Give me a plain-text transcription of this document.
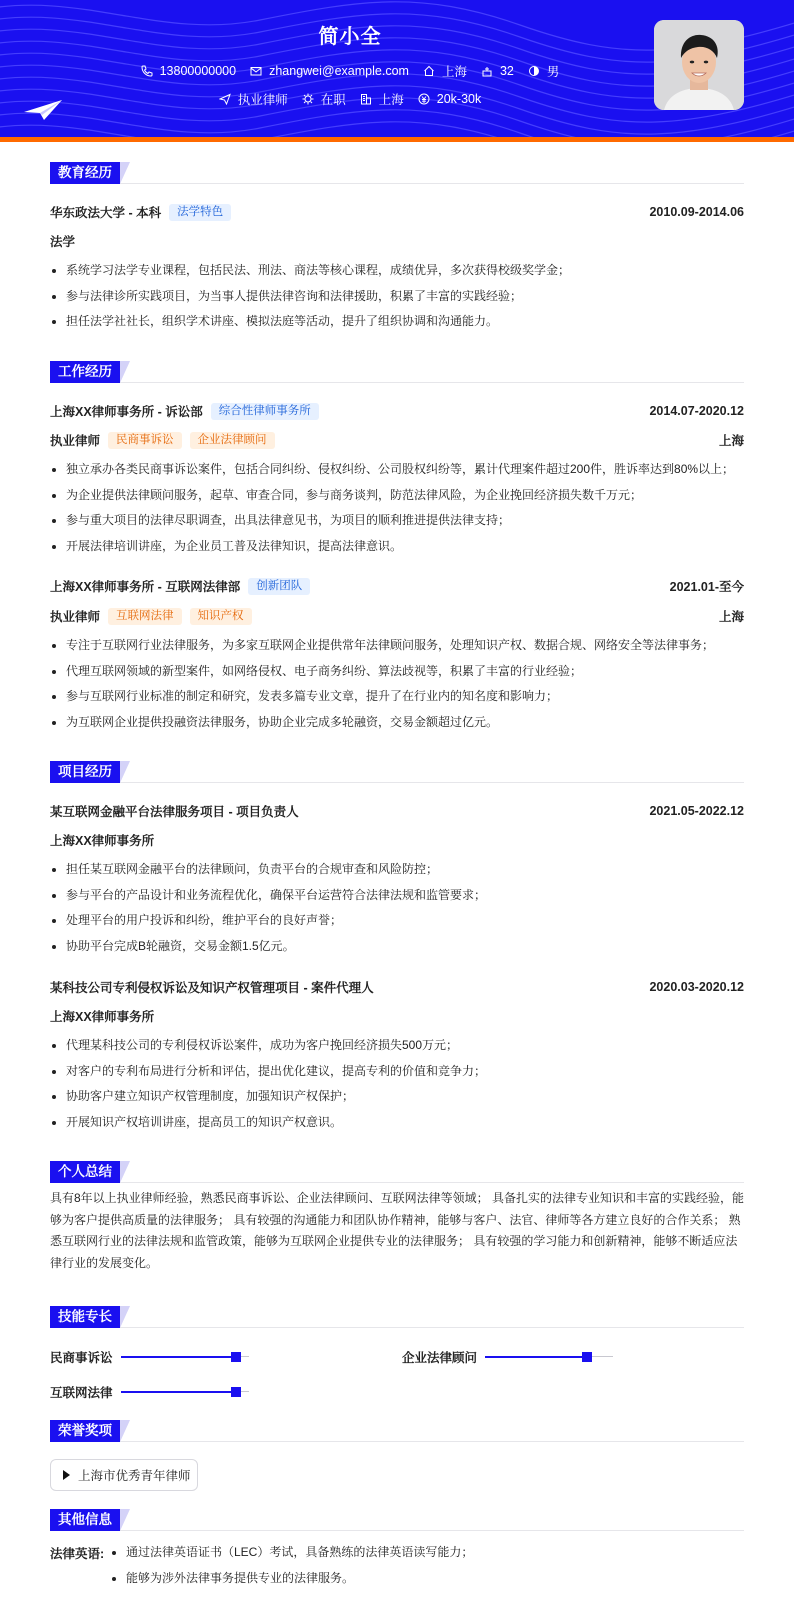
简小全
13800000000	zhangwei@example.com	上海	32	男
执业律师	在职	上海	20k-30k
教育经历
华东政法大学 - 本科	法学特色	2010.09-2014.06
法学
系统学习法学专业课程，包括民法、刑法、商法等核心课程，成绩优异，多次获得校级奖学金；
参与法律诊所实践项目，为当事人提供法律咨询和法律援助，积累了丰富的实践经验；
担任法学社社长，组织学术讲座、模拟法庭等活动，提升了组织协调和沟通能力。
工作经历
上海XX律师事务所 - 诉讼部	综合性律师事务所	2014.07-2020.12
执业律师	民商事诉讼	企业法律顾问	上海
独立承办各类民商事诉讼案件，包括合同纠纷、侵权纠纷、公司股权纠纷等，累计代理案件超过200件，胜诉率达到80%以上；
为企业提供法律顾问服务，起草、审查合同，参与商务谈判，防范法律风险，为企业挽回经济损失数千万元；
参与重大项目的法律尽职调查，出具法律意见书，为项目的顺利推进提供法律支持；
开展法律培训讲座，为企业员工普及法律知识，提高法律意识。
上海XX律师事务所 - 互联网法律部	创新团队	2021.01-至今
执业律师	互联网法律	知识产权	上海
专注于互联网行业法律服务，为多家互联网企业提供常年法律顾问服务，处理知识产权、数据合规、网络安全等法律事务；
代理互联网领域的新型案件，如网络侵权、电子商务纠纷、算法歧视等，积累了丰富的行业经验；
参与互联网行业标准的制定和研究，发表多篇专业文章，提升了在行业内的知名度和影响力；
为互联网企业提供投融资法律服务，协助企业完成多轮融资，交易金额超过亿元。
项目经历
某互联网金融平台法律服务项目 - 项目负责人	2021.05-2022.12
上海XX律师事务所
担任某互联网金融平台的法律顾问，负责平台的合规审查和风险防控；
参与平台的产品设计和业务流程优化，确保平台运营符合法律法规和监管要求；
处理平台的用户投诉和纠纷，维护平台的良好声誉；
协助平台完成B轮融资，交易金额1.5亿元。
某科技公司专利侵权诉讼及知识产权管理项目 - 案件代理人	2020.03-2020.12
上海XX律师事务所
代理某科技公司的专利侵权诉讼案件，成功为客户挽回经济损失500万元；
对客户的专利布局进行分析和评估，提出优化建议，提高专利的价值和竞争力；
协助客户建立知识产权管理制度，加强知识产权保护；
开展知识产权培训讲座，提高员工的知识产权意识。
个人总结
具有8年以上执业律师经验，熟悉民商事诉讼、企业法律顾问、互联网法律等领域； 具备扎实的法律专业知识和丰富的实践经验，能够为客户提供高质量的法律服务； 具有较强的沟通能力和团队协作精神，能够与客户、法官、律师等各方建立良好的合作关系； 熟悉互联网行业的法律法规和监管政策，能够为互联网企业提供专业的法律服务； 具有较强的学习能力和创新精神，能够不断适应法律行业的发展变化。
技能专长
民商事诉讼	企业法律顾问
互联网法律
荣誉奖项
上海市优秀青年律师
其他信息
法律英语:	通过法律英语证书（LEC）考试，具备熟练的法律英语读写能力；
能够为涉外法律事务提供专业的法律服务。
